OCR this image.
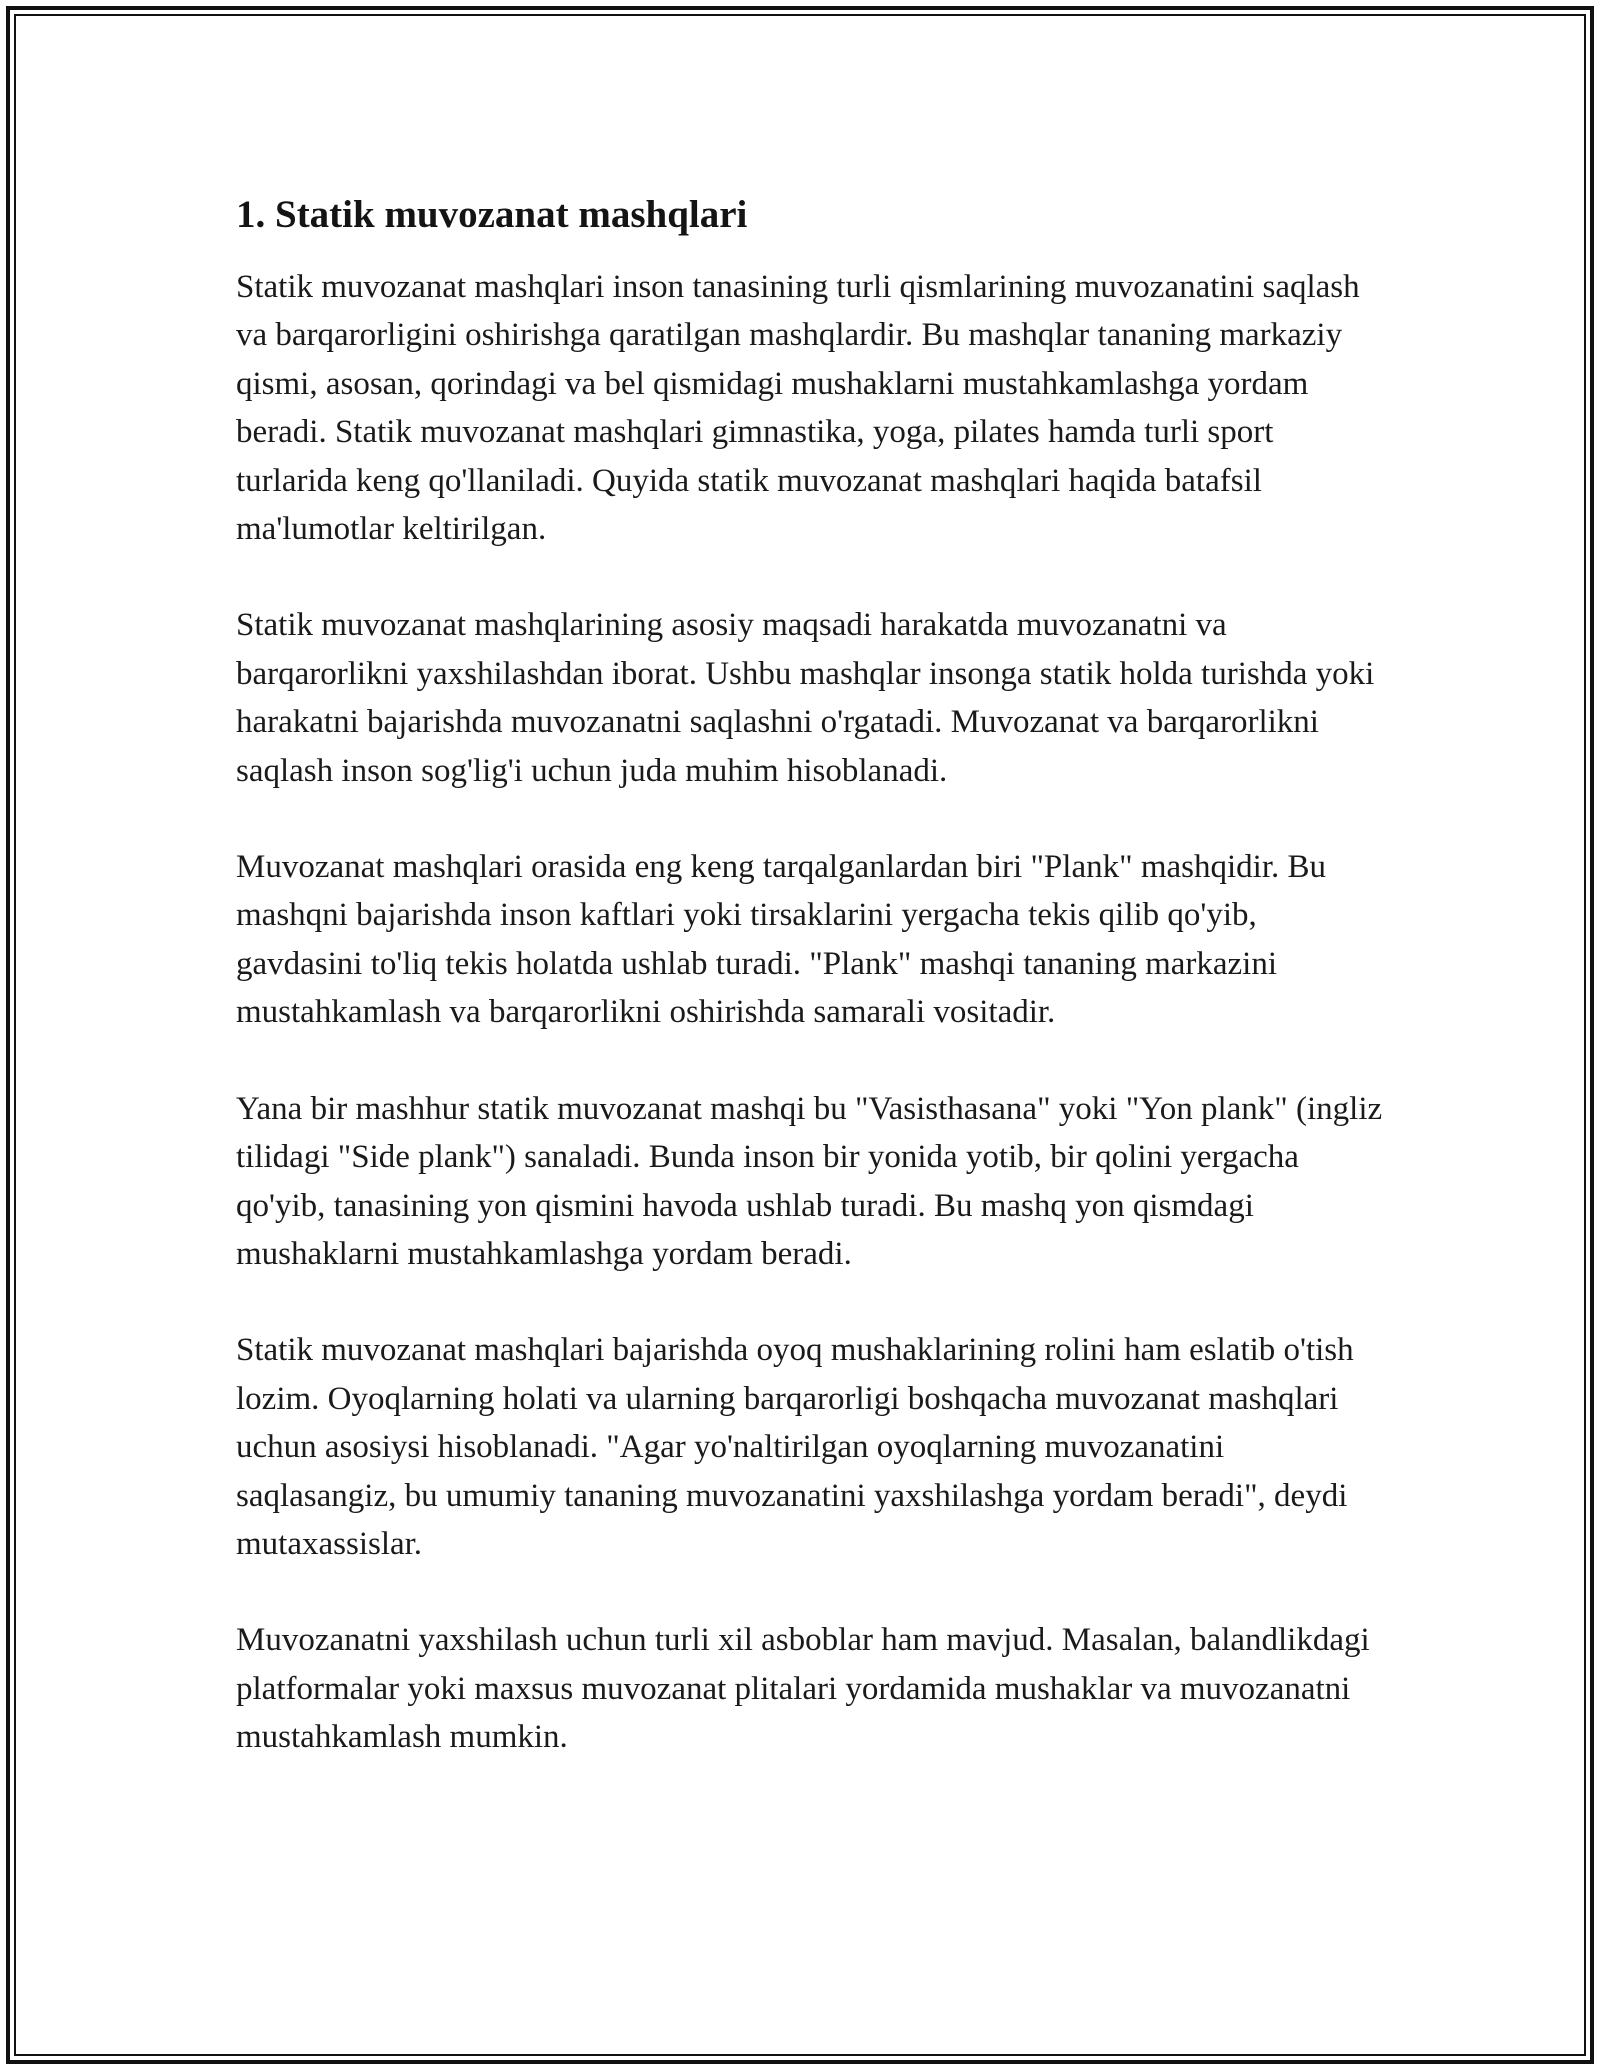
1. Statik muvozanat mashqlari

Statik muvozanat mashqlari inson tanasining turli qismlarining muvozanatini saqlash va barqarorligini oshirishga qaratilgan mashqlardir. Bu mashqlar tananing markaziy qismi, asosan, qorindagi va bel qismidagi mushaklarni mustahkamlashga yordam beradi. Statik muvozanat mashqlari gimnastika, yoga, pilates hamda turli sport turlarida keng qo'llaniladi. Quyida statik muvozanat mashqlari haqida batafsil ma'lumotlar keltirilgan.

Statik muvozanat mashqlarining asosiy maqsadi harakatda muvozanatni va barqarorlikni yaxshilashdan iborat. Ushbu mashqlar insonga statik holda turishda yoki harakatni bajarishda muvozanatni saqlashni o'rgatadi. Muvozanat va barqarorlikni saqlash inson sog'lig'i uchun juda muhim hisoblanadi.

Muvozanat mashqlari orasida eng keng tarqalganlardan biri "Plank" mashqidir. Bu mashqni bajarishda inson kaftlari yoki tirsaklarini yergacha tekis qilib qo'yib, gavdasini to'liq tekis holatda ushlab turadi. "Plank" mashqi tananing markazini mustahkamlash va barqarorlikni oshirishda samarali vositadir.

Yana bir mashhur statik muvozanat mashqi bu "Vasisthasana" yoki "Yon plank" (ingliz tilidagi "Side plank") sanaladi. Bunda inson bir yonida yotib, bir qolini yergacha qo'yib, tanasining yon qismini havoda ushlab turadi. Bu mashq yon qismdagi mushaklarni mustahkamlashga yordam beradi.

Statik muvozanat mashqlari bajarishda oyoq mushaklarining rolini ham eslatib o'tish lozim. Oyoqlarning holati va ularning barqarorligi boshqacha muvozanat mashqlari uchun asosiysi hisoblanadi. "Agar yo'naltirilgan oyoqlarning muvozanatini saqlasangiz, bu umumiy tananing muvozanatini yaxshilashga yordam beradi", deydi mutaxassislar.

Muvozanatni yaxshilash uchun turli xil asboblar ham mavjud. Masalan, balandlikdagi platformalar yoki maxsus muvozanat plitalari yordamida mushaklar va muvozanatni mustahkamlash mumkin.
